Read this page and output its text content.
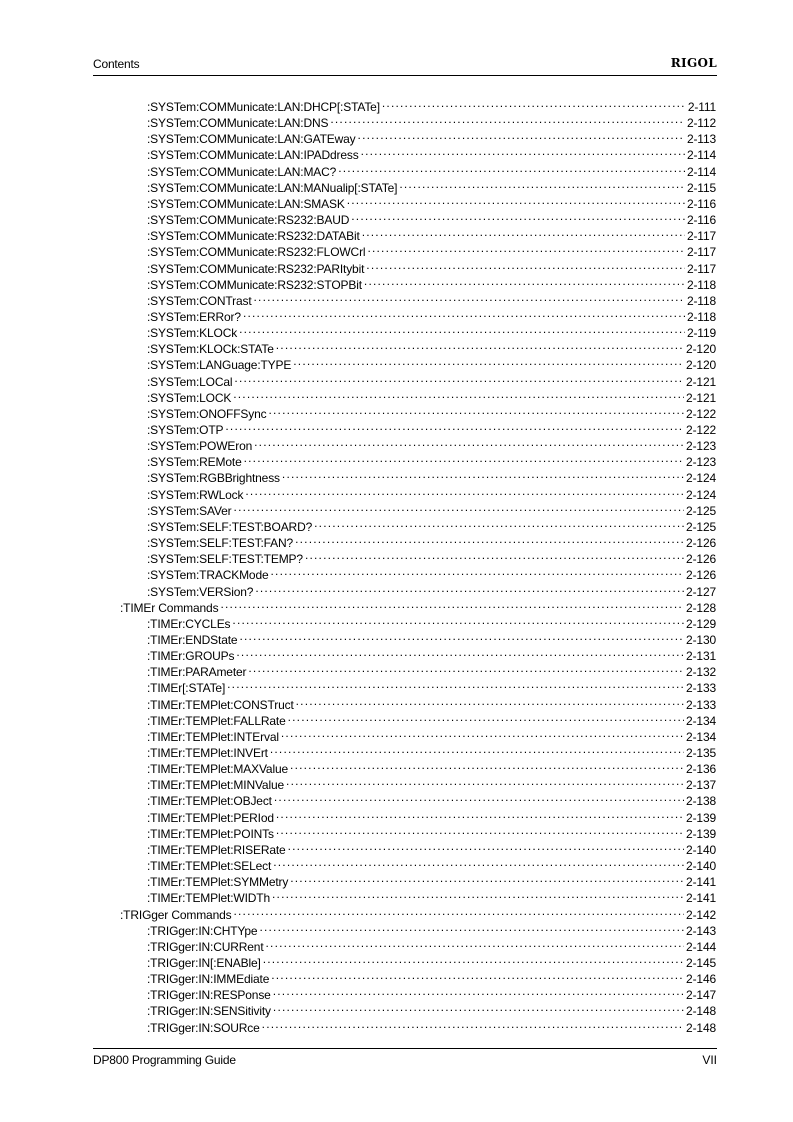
Contents	RIGOL
:SYSTem:COMMunicate:LAN:DHCP[:STATe] .....	2-111
:SYSTem:COMMunicate:LAN:DNS .....	2-112
:SYSTem:COMMunicate:LAN:GATEway .....	2-113
:SYSTem:COMMunicate:LAN:IPADdress .....	2-114
:SYSTem:COMMunicate:LAN:MAC? .....	2-114
:SYSTem:COMMunicate:LAN:MANualip[:STATe] .....	2-115
:SYSTem:COMMunicate:LAN:SMASK .....	2-116
:SYSTem:COMMunicate:RS232:BAUD .....	2-116
:SYSTem:COMMunicate:RS232:DATABit .....	2-117
:SYSTem:COMMunicate:RS232:FLOWCrl .....	2-117
:SYSTem:COMMunicate:RS232:PARItybit .....	2-117
:SYSTem:COMMunicate:RS232:STOPBit .....	2-118
:SYSTem:CONTrast .....	2-118
:SYSTem:ERRor? .....	2-118
:SYSTem:KLOCk .....	2-119
:SYSTem:KLOCk:STATe .....	2-120
:SYSTem:LANGuage:TYPE .....	2-120
:SYSTem:LOCal .....	2-121
:SYSTem:LOCK .....	2-121
:SYSTem:ONOFFSync .....	2-122
:SYSTem:OTP .....	2-122
:SYSTem:POWEron .....	2-123
:SYSTem:REMote .....	2-123
:SYSTem:RGBBrightness .....	2-124
:SYSTem:RWLock .....	2-124
:SYSTem:SAVer .....	2-125
:SYSTem:SELF:TEST:BOARD? .....	2-125
:SYSTem:SELF:TEST:FAN? .....	2-126
:SYSTem:SELF:TEST:TEMP? .....	2-126
:SYSTem:TRACKMode .....	2-126
:SYSTem:VERSion? .....	2-127
:TIMEr Commands .....	2-128
:TIMEr:CYCLEs .....	2-129
:TIMEr:ENDState .....	2-130
:TIMEr:GROUPs .....	2-131
:TIMEr:PARAmeter .....	2-132
:TIMEr[:STATe] .....	2-133
:TIMEr:TEMPlet:CONSTruct .....	2-133
:TIMEr:TEMPlet:FALLRate .....	2-134
:TIMEr:TEMPlet:INTErval .....	2-134
:TIMEr:TEMPlet:INVErt .....	2-135
:TIMEr:TEMPlet:MAXValue .....	2-136
:TIMEr:TEMPlet:MINValue .....	2-137
:TIMEr:TEMPlet:OBJect .....	2-138
:TIMEr:TEMPlet:PERIod .....	2-139
:TIMEr:TEMPlet:POINTs .....	2-139
:TIMEr:TEMPlet:RISERate .....	2-140
:TIMEr:TEMPlet:SELect .....	2-140
:TIMEr:TEMPlet:SYMMetry .....	2-141
:TIMEr:TEMPlet:WIDTh .....	2-141
:TRIGger Commands .....	2-142
:TRIGger:IN:CHTYpe .....	2-143
:TRIGger:IN:CURRent .....	2-144
:TRIGger:IN[:ENABle] .....	2-145
:TRIGger:IN:IMMEdiate .....	2-146
:TRIGger:IN:RESPonse .....	2-147
:TRIGger:IN:SENSitivity .....	2-148
:TRIGger:IN:SOURce .....	2-148
DP800 Programming Guide	VII
